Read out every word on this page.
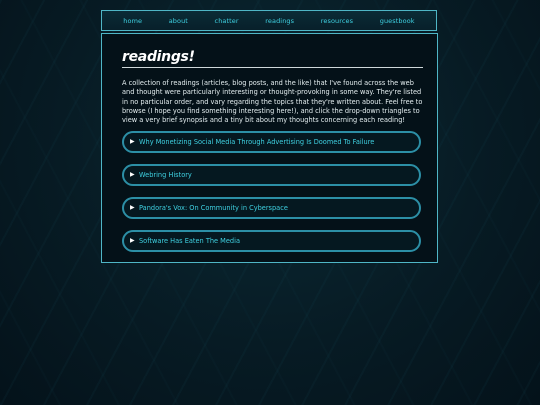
home	about	chatter	readings	resources	guestbook
readings!

A collection of readings (articles, blog posts, and the like) that I've found across the web and thought were particularly interesting or thought-provoking in some way. They're listed in no particular order, and vary regarding the topics that they're written about. Feel free to browse (I hope you find something interesting here!), and click the drop-down triangles to view a very brief synopsis and a tiny bit about my thoughts concerning each reading!

▶ Why Monetizing Social Media Through Advertising Is Doomed To Failure
▶ Webring History
▶ Pandora's Vox: On Community in Cyberspace
▶ Software Has Eaten The Media
